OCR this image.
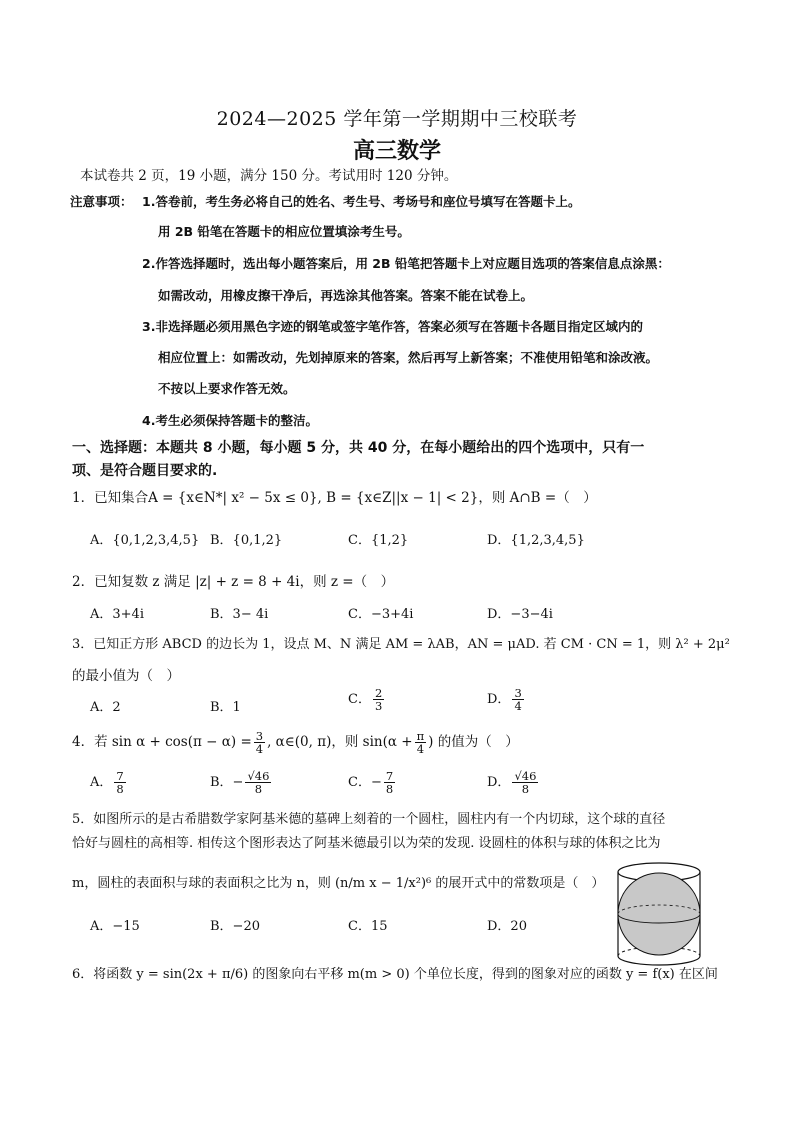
2024—2025 学年第一学期期中三校联考
高三数学
本试卷共 2 页，19 小题，满分 150 分。考试用时 120 分钟。
注意事项： 1.答卷前，考生务必将自己的姓名、考生号、考场号和座位号填写在答题卡上。
用 2B 铅笔在答题卡的相应位置填涂考生号。
2.作答选择题时，选出每小题答案后，用 2B 铅笔把答题卡上对应题目选项的答案信息点涂黑：
如需改动，用橡皮擦干净后，再选涂其他答案。答案不能在试卷上。
3.非选择题必须用黑色字迹的钢笔或签字笔作答，答案必须写在答题卡各题目指定区域内的
相应位置上：如需改动，先划掉原来的答案，然后再写上新答案；不准使用铅笔和涂改液。
不按以上要求作答无效。
4.考生必须保持答题卡的整洁。
一、选择题：本题共 8 小题，每小题 5 分，共 40 分，在每小题给出的四个选项中，只有一
项、是符合题目要求的.
1．已知集合A = {x∈N*| x² − 5x ≤ 0}, B = {x∈Z||x − 1| < 2}，则 A∩B =（　）
A．{0,1,2,3,4,5} B．{0,1,2}	C．{1,2}	D．{1,2,3,4,5}
2．已知复数 z 满足 |z| + z = 8 + 4i，则 z =（　）
A．3+4i	B．3− 4i	C．−3+4i	D．−3−4i
3．已知正方形 ABCD 的边长为 1，设点 M、N 满足 AM = λAB，AN = μAD. 若 CM · CN = 1，则 λ² + 2μ²
的最小值为（　）
A．2	B．1
C． $\frac{2}{3}$	D． $\frac{3}{4}$
4．若 $\sin \alpha + \cos(\pi - \alpha) = \frac{3}{4}$ , α∈(0, π)，则 $\sin(\alpha + \frac{\pi}{4}$ ) 的值为（　）
A． $\frac{7}{8}$	B．− $\frac{√46}{8}$	C．− $\frac{7}{8}$	D． $\frac{√46}{8}$
5．如图所示的是古希腊数学家阿基米德的墓碑上刻着的一个圆柱，圆柱内有一个内切球，这个球的直径
恰好与圆柱的高相等. 相传这个图形表达了阿基米德最引以为荣的发现. 设圆柱的体积与球的体积之比为
m，圆柱的表面积与球的表面积之比为 n，则 (n/m x − 1/x²)⁶ 的展开式中的常数项是（　）
A．−15	B．−20	C．15	D．20
6．将函数 y = sin(2x + π/6) 的图象向右平移 m(m > 0) 个单位长度，得到的图象对应的函数 y = f(x) 在区间
